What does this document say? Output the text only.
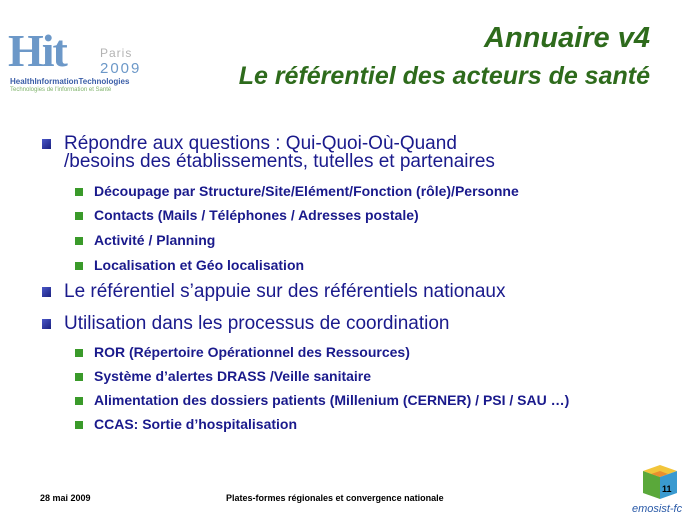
Hit	Paris
2009
HealthInformationTechnologies
Technologies de l'information et Santé
Annuaire v4
Le référentiel des acteurs de santé
Répondre aux questions : Qui-Quoi-Où-Quand
/besoins des établissements, tutelles et partenaires
Découpage par Structure/Site/Elément/Fonction (rôle)/Personne
Contacts (Mails / Téléphones / Adresses postale)
Activité / Planning
Localisation et Géo localisation
Le référentiel s’appuie sur des référentiels nationaux
Utilisation dans les processus de coordination
ROR (Répertoire Opérationnel des Ressources)
Système d’alertes DRASS /Veille sanitaire
Alimentation des dossiers patients (Millenium (CERNER) / PSI / SAU …)
CCAS: Sortie d’hospitalisation
28 mai 2009	Plates-formes régionales et convergence nationale
11
emosist-fc
